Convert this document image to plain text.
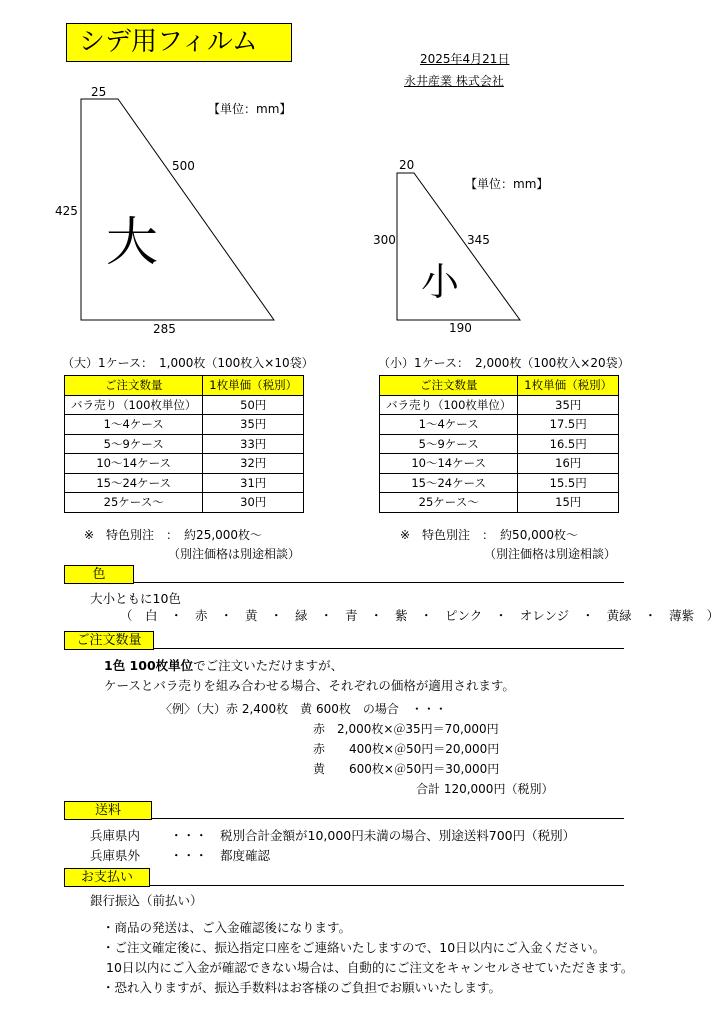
シデ用フィルム
2025年4月21日
永井産業 株式会社
25
500
425
285
大
【単位：mm】
20
345
300
190
小
【単位：mm】
（大）1ケース：　1,000枚（100枚入×10袋）	（小）1ケース：　2,000枚（100枚入×20袋）
ご注文数量	1枚単価（税別）
バラ売り（100枚単位）	50円
1～4ケース	35円
5～9ケース	33円
10～14ケース	32円
15～24ケース	31円
25ケース～	30円
ご注文数量	1枚単価（税別）
バラ売り（100枚単位）	35円
1～4ケース	17.5円
5～9ケース	16.5円
10～14ケース	16円
15～24ケース	15.5円
25ケース～	15円
※　特色別注　：　約25,000枚～
（別注価格は別途相談）
※　特色別注　：　約50,000枚～
（別注価格は別途相談）
色
大小ともに10色
（　白　・　赤　・　黄　・　緑　・　青　・　紫　・　ピンク　・　オレンジ　・　黄緑　・　薄紫　）
ご注文数量
1色 100枚単位でご注文いただけますが、
ケースとバラ売りを組み合わせる場合、それぞれの価格が適用されます。
〈例〉（大）赤 2,400枚　黄 600枚　の場合　・・・
赤　2,000枚×＠35円＝70,000円
赤　　400枚×＠50円＝20,000円
黄　　600枚×＠50円＝30,000円
合計 120,000円（税別）
送料
兵庫県内 ・・・　税別合計金額が10,000円未満の場合、別途送料700円（税別）
兵庫県外 ・・・　都度確認
お支払い
銀行振込（前払い）
・商品の発送は、ご入金確認後になります。
・ご注文確定後に、振込指定口座をご連絡いたしますので、10日以内にご入金ください。
10日以内にご入金が確認できない場合は、自動的にご注文をキャンセルさせていただきます。
・恐れ入りますが、振込手数料はお客様のご負担でお願いいたします。
